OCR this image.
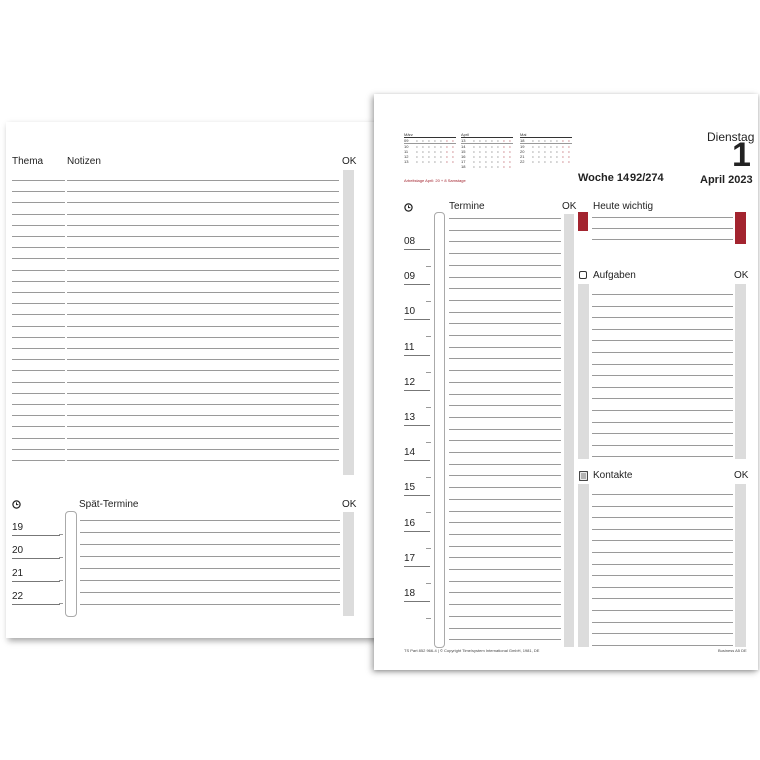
Thema Notizen	OK
Spät-Termine	OK
19
20
21
22
März
09	•	•	•	•	•	•	•
10	•	•	•	•	•	•	•
11	•	•	•	•	•	•	•
12	•	•	•	•	•	•	•
13	•	•	•	•	•	•	•
April
13	•	•	•	•	•	•	•
14	•	•	•	•	•	•	•
15	•	•	•	•	•	•	•
16	•	•	•	•	•	•	•
17	•	•	•	•	•	•	•
18	•	•	•	•	•	•	•
Mai
18	•	•	•	•	•	•	•
19	•	•	•	•	•	•	•
20	•	•	•	•	•	•	•
21	•	•	•	•	•	•	•
22	•	•	•	•	•	•	•
Arbeitstage April: 20 + 8 Samstage
Dienstag
1
Woche 14 92/274	April 2023
Termine	OK
08
09
10
11
12
13
14
15
16
17
18
Heute wichtig
Aufgaben	OK
Kontakte	OK
TS Part 852 966-4 | © Copyright Time/system International GmbH, 1981, DE	Business A5 DE
